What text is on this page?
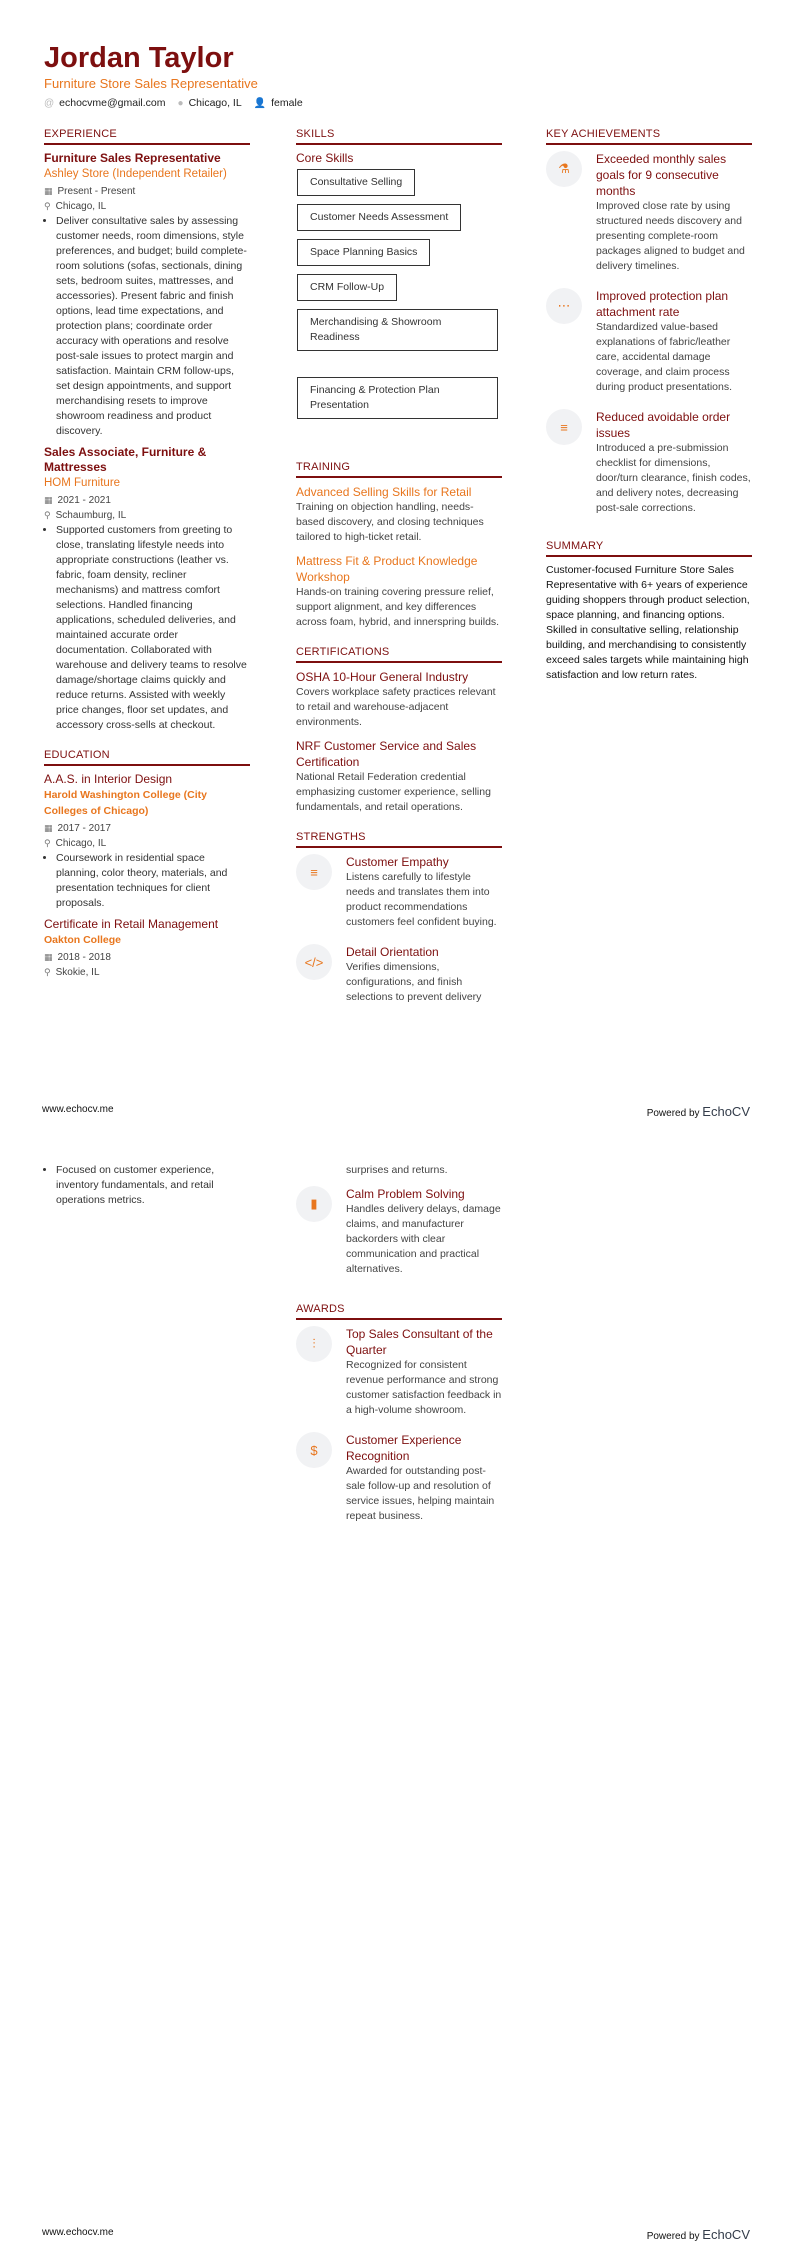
Jordan Taylor
Furniture Store Sales Representative
@ echocvme@gmail.com ● Chicago, IL 👤 female
EXPERIENCE
Furniture Sales Representative
Ashley Store (Independent Retailer)
▦ Present - Present
⚲ Chicago, IL
• Deliver consultative sales by assessing customer needs, room dimensions, style preferences, and budget; build complete-room solutions (sofas, sectionals, dining sets, bedroom suites, mattresses, and accessories). Present fabric and finish options, lead time expectations, and protection plans; coordinate order accuracy with operations and resolve post-sale issues to protect margin and satisfaction. Maintain CRM follow-ups, set design appointments, and support merchandising resets to improve showroom readiness and product discovery.
Sales Associate, Furniture & Mattresses
HOM Furniture
▦ 2021 - 2021
⚲ Schaumburg, IL
• Supported customers from greeting to close, translating lifestyle needs into appropriate constructions (leather vs. fabric, foam density, recliner mechanisms) and mattress comfort selections. Handled financing applications, scheduled deliveries, and maintained accurate order documentation. Collaborated with warehouse and delivery teams to resolve damage/shortage claims quickly and reduce returns. Assisted with weekly price changes, floor set updates, and accessory cross-sells at checkout.
EDUCATION
A.A.S. in Interior Design
Harold Washington College (City Colleges of Chicago)
▦ 2017 - 2017
⚲ Chicago, IL
• Coursework in residential space planning, color theory, materials, and presentation techniques for client proposals.
Certificate in Retail Management
Oakton College
▦ 2018 - 2018
⚲ Skokie, IL
SKILLS
Core Skills
Consultative Selling
Customer Needs Assessment
Space Planning Basics
CRM Follow-Up

Merchandising & Showroom Readiness

Financing & Protection Plan Presentation

TRAINING
Advanced Selling Skills for Retail
Training on objection handling, needs-based discovery, and closing techniques tailored to high-ticket retail.
Mattress Fit & Product Knowledge Workshop
Hands-on training covering pressure relief, support alignment, and key differences across foam, hybrid, and innerspring builds.
CERTIFICATIONS
OSHA 10-Hour General Industry
Covers workplace safety practices relevant to retail and warehouse-adjacent environments.
NRF Customer Service and Sales Certification
National Retail Federation credential emphasizing customer experience, selling fundamentals, and retail operations.
STRENGTHS
≡
Customer Empathy
Listens carefully to lifestyle needs and translates them into product recommendations customers feel confident buying.
</>
Detail Orientation
Verifies dimensions, configurations, and finish selections to prevent delivery
KEY ACHIEVEMENTS
⚗
Exceeded monthly sales goals for 9 consecutive months
Improved close rate by using structured needs discovery and presenting complete-room packages aligned to budget and delivery timelines.
⋯
Improved protection plan attachment rate
Standardized value-based explanations of fabric/leather care, accidental damage coverage, and claim process during product presentations.
≡
Reduced avoidable order issues
Introduced a pre-submission checklist for dimensions, door/turn clearance, finish codes, and delivery notes, decreasing post-sale corrections.
SUMMARY
Customer-focused Furniture Store Sales Representative with 6+ years of experience guiding shoppers through product selection, space planning, and financing options. Skilled in consultative selling, relationship building, and merchandising to consistently exceed sales targets while maintaining high satisfaction and low return rates.
www.echocv.me	Powered by EchoCV
• Focused on customer experience, inventory fundamentals, and retail operations metrics.
surprises and returns.
▮
Calm Problem Solving
Handles delivery delays, damage claims, and manufacturer backorders with clear communication and practical alternatives.
AWARDS
⫶
Top Sales Consultant of the Quarter
Recognized for consistent revenue performance and strong customer satisfaction feedback in a high-volume showroom.
$
Customer Experience Recognition
Awarded for outstanding post-sale follow-up and resolution of service issues, helping maintain repeat business.
www.echocv.me	Powered by EchoCV
